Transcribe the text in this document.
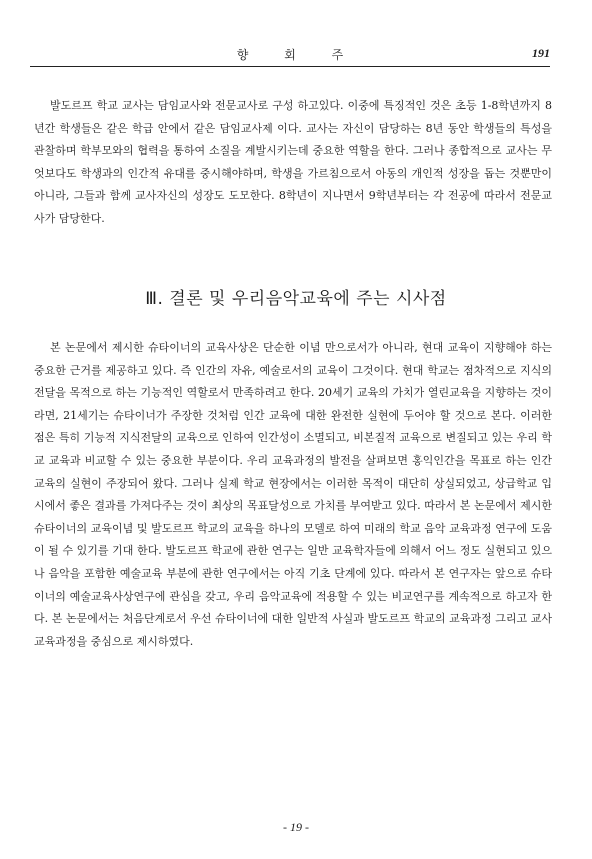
향 회 주	191

발도르프 학교 교사는 담임교사와 전문교사로 구성 하고있다. 이중에 특징적인 것은 초등 1-8학년까지 8년간 학생들은 같은 학급 안에서 같은 담임교사제 이다. 교사는 자신이 담당하는 8년 동안 학생들의 특성을 관찰하며 학부모와의 협력을 통하여 소질을 계발시키는데 중요한 역할을 한다. 그러나 종합적으로 교사는 무엇보다도 학생과의 인간적 유대를 중시해야하며, 학생을 가르침으로서 아동의 개인적 성장을 돕는 것뿐만이 아니라, 그들과 함께 교사자신의 성장도 도모한다. 8학년이 지나면서 9학년부터는 각 전공에 따라서 전문교사가 담당한다.

Ⅲ. 결론 및 우리음악교육에 주는 시사점

본 논문에서 제시한 슈타이너의 교육사상은 단순한 이념 만으로서가 아니라, 현대 교육이 지향해야 하는 중요한 근거를 제공하고 있다. 즉 인간의 자유, 예술로서의 교육이 그것이다. 현대 학교는 점차적으로 지식의 전달을 목적으로 하는 기능적인 역할로서 만족하려고 한다. 20세기 교육의 가치가 열린교육을 지향하는 것이라면, 21세기는 슈타이너가 주장한 것처럼 인간 교육에 대한 완전한 실현에 두어야 할 것으로 본다. 이러한 점은 특히 기능적 지식전달의 교육으로 인하여 인간성이 소멸되고, 비본질적 교육으로 변질되고 있는 우리 학교 교육과 비교할 수 있는 중요한 부분이다. 우리 교육과정의 발전을 살펴보면 홍익인간을 목표로 하는 인간교육의 실현이 주장되어 왔다. 그러나 실제 학교 현장에서는 이러한 목적이 대단히 상실되었고, 상급학교 입시에서 좋은 결과를 가져다주는 것이 최상의 목표달성으로 가치를 부여받고 있다. 따라서 본 논문에서 제시한 슈타이너의 교육이념 및 발도르프 학교의 교육을 하나의 모델로 하여 미래의 학교 음악 교육과정 연구에 도움이 될 수 있기를 기대 한다. 발도르프 학교에 관한 연구는 일반 교육학자들에 의해서 어느 정도 실현되고 있으나 음악을 포함한 예술교육 부분에 관한 연구에서는 아직 기초 단계에 있다. 따라서 본 연구자는 앞으로 슈타이너의 예술교육사상연구에 관심을 갖고, 우리 음악교육에 적용할 수 있는 비교연구를 계속적으로 하고자 한다. 본 논문에서는 처음단계로서 우선 슈타이너에 대한 일반적 사실과 발도르프 학교의 교육과정 그리고 교사교육과정을 중심으로 제시하였다.

- 19 -
